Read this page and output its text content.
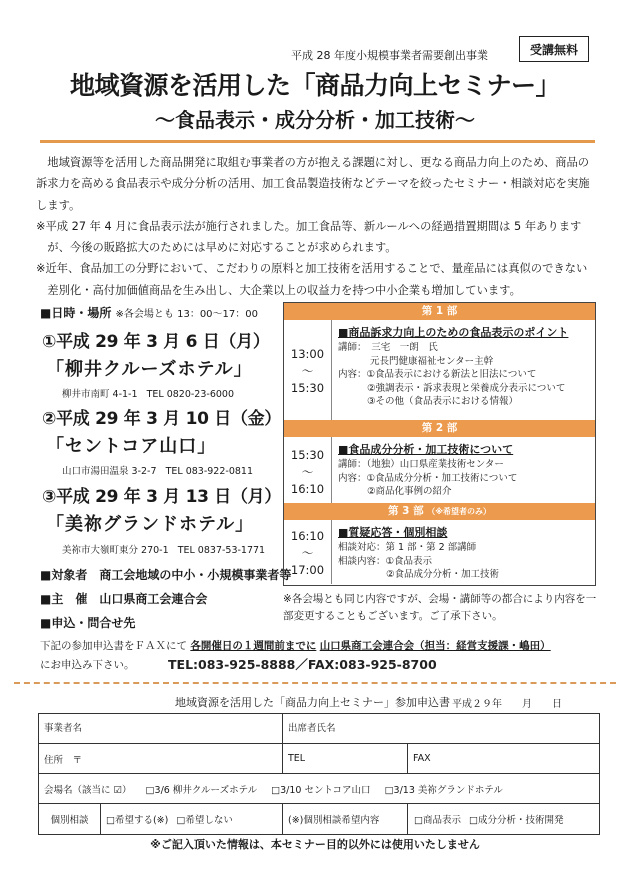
平成 28 年度小規模事業者需要創出事業	受講無料
地域資源を活用した「商品力向上セミナー」
～食品表示・成分分析・加工技術～

地域資源等を活用した商品開発に取組む事業者の方が抱える課題に対し、更なる商品力向上のため、商品の訴求力を高める食品表示や成分分析の活用、加工食品製造技術などテーマを絞ったセミナー・相談対応を実施します。

※平成 27 年 4 月に食品表示法が施行されました。加工食品等、新ルールへの経過措置期間は 5 年ありますが、今後の販路拡大のためには早めに対応することが求められます。

※近年、食品加工の分野において、こだわりの原料と加工技術を活用することで、量産品には真似のできない差別化・高付加価値商品を生み出し、大企業以上の収益力を持つ中小企業も増加しています。

■日時・場所 ※各会場とも 13：00～17：00
①平成 29 年 3 月 6 日（月）
「柳井クルーズホテル」
柳井市南町 4-1-1 TEL 0820-23-6000
②平成 29 年 3 月 10 日（金）
「セントコア山口」
山口市湯田温泉 3-2-7 TEL 083-922-0811
③平成 29 年 3 月 13 日（月）
「美祢グランドホテル」
美祢市大嶺町東分 270-1 TEL 0837-53-1771
■対象者　商工会地域の中小・小規模事業者等
■主　催　山口県商工会連合会
■申込・問合せ先
第 1 部
13:00
～
15:30
■商品訴求力向上のための食品表示のポイント
講師：　三宅　一朗　氏
元長門健康福祉センター主幹
内容：①食品表示における新法と旧法について
②強調表示・訴求表現と栄養成分表示について
③その他（食品表示における情報）
第 2 部
15:30
～
16:10
■食品成分分析・加工技術について
講師：（地独）山口県産業技術センター
内容：①食品成分分析・加工技術について
②商品化事例の紹介
第 3 部 （※希望者のみ）
16:10
～
17:00
■質疑応答・個別相談
相談対応：第 1 部・第 2 部講師
相談内容：①食品表示
②食品成分分析・加工技術
※各会場とも同じ内容ですが、会場・講師等の都合により内容を一部変更することもございます。ご了承下さい。
下記の参加申込書をＦＡＸにて 各開催日の１週間前までに 山口県商工会連合会（担当：経営支援課・嶋田）
にお申込み下さい。	TEL:083-925-8888／FAX:083-925-8700
地域資源を活用した「商品力向上セミナー」参加申込書 平成２９年　　月　　日
事業者名	出席者氏名
住所　〒	TEL	FAX
会場名（該当に ☑） □3/6 柳井クルーズホテル □3/10 セントコア山口 □3/13 美祢グランドホテル
個別相談	□希望する(※) □希望しない	(※)個別相談希望内容	□商品表示 □成分分析・技術開発
※ご記入頂いた情報は、本セミナー目的以外には使用いたしません
